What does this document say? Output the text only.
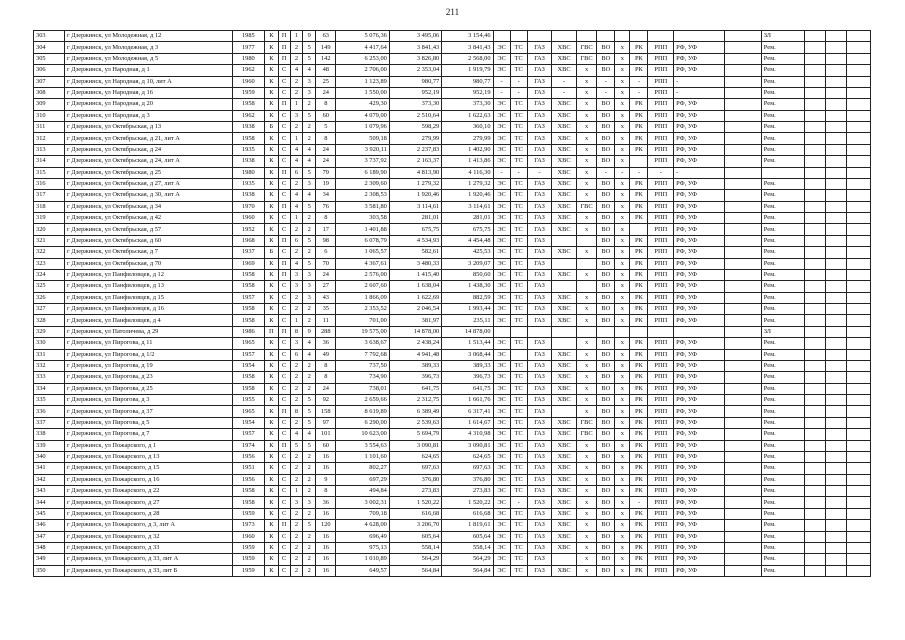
211
303	г Дзержинск, ул Молодежная, д 12	1985	К	П	1	9	63	5 076,36	3 495,06	3 154,46												ЗЛ			
304	г Дзержинск, ул Молодежная, д 3	1977	К	П	2	5	149	4 417,64	3 841,43	3 841,43	ЭС	ТС	ГАЗ	ХВС	ГВС	ВО	х	РК	РПП	РФ, УФ		Рем.			
305	г Дзержинск, ул Молодежная, д 5	1980	К	П	2	5	142	6 253,00	3 826,80	2 568,00	ЭС	ТС	ГАЗ	ХВС	ГВС	ВО	х	РК	РПП	РФ, УФ		Рем.			
306	г Дзержинск, ул Народная, д 1	1962	К	С	4	4	48	2 706,00	2 353,04	1 919,79	ЭС	ТС	ГАЗ	ХВС	х	ВО	х	РК	РПП	РФ, УФ		Рем.			
307	г Дзержинск, ул Народная, д 10, лит А	1960	К	С	2	3	25	1 123,89	980,77	980,77	-	-	ГАЗ	-	х	-	х	-	РПП	-		Рем.			
308	г Дзержинск, ул Народная, д 16	1959	К	С	2	3	24	1 550,00	952,19	952,19	-	-	ГАЗ	-	х	-	х	-	РПП	-		Рем.			
309	г Дзержинск, ул Народная, д 20	1958	К	П	1	2	8	429,30	373,30	373,30	ЭС	ТС	ГАЗ	ХВС	х	ВО	х	РК	РПП	РФ, УФ		Рем.			
310	г Дзержинск, ул Народная, д 3	1962	К	С	3	5	60	4 079,00	2 510,64	1 622,63	ЭС	ТС	ГАЗ	ХВС	х	ВО	х	РК	РПП	РФ, УФ		Рем.			
311	г Дзержинск, ул Октябрьская, д 13	1938	Б	С	2	2	5	1 079,96	598,29	360,10	ЭС	ТС	ГАЗ	ХВС	х	ВО	х	РК	РПП	РФ, УФ		Рем.			
312	г Дзержинск, ул Октябрьская, д 21, лит А	1958	К	С	1	2	8	509,18	279,99	279,99	ЭС	ТС	ГАЗ	ХВС	х	ВО	х	РК	РПП	РФ, УФ		Рем.			
313	г Дзержинск, ул Октябрьская, д 24	1935	К	С	4	4	24	3 920,11	2 237,83	1 402,90	ЭС	ТС	ГАЗ	ХВС	х	ВО	х	РК	РПП	РФ, УФ		Рем.			
314	г Дзержинск, ул Октябрьская, д 24, лит А	1938	К	С	4	4	24	3 737,92	2 163,37	1 413,86	ЭС	ТС	ГАЗ	ХВС	х	ВО	х		РПП	РФ, УФ		Рем.			
315	г Дзержинск, ул Октябрьская, д 25	1980	К	П	6	5	79	6 189,90	4 813,90	4 116,30	-	-	-	ХВС	х	-	-	-	-	-					
316	г Дзержинск, ул Октябрьская, д 27, лит А	1935	К	С	2	3	19	2 309,60	1 279,32	1 279,32	ЭС	ТС	ГАЗ	ХВС	х	ВО	х	РК	РПП	РФ, УФ		Рем.			
317	г Дзержинск, ул Октябрьская, д 30, лит А	1938	К	С	4	4	34	2 308,53	1 920,46	1 920,46	ЭС	ТС	ГАЗ	ХВС	х	ВО	х	РК	РПП	РФ, УФ		Рем.			
318	г Дзержинск, ул Октябрьская, д 34	1970	К	П	4	5	76	3 581,80	3 114,61	3 114,61	ЭС	ТС	ГАЗ	ХВС	ГВС	ВО	х	РК	РПП	РФ, УФ		Рем.			
319	г Дзержинск, ул Октябрьская, д 42	1960	К	С	1	2	8	303,58	281,01	281,01	ЭС	ТС	ГАЗ	ХВС	х	ВО	х	РК	РПП	РФ, УФ		Рем.			
320	г Дзержинск, ул Октябрьская, д 57	1952	К	С	2	2	17	1 401,88	675,75	675,75	ЭС	ТС	ГАЗ	ХВС	х	ВО	х		РПП	РФ, УФ		Рем.			
321	г Дзержинск, ул Октябрьская, д 60	1968	К	П	6	5	98	6 078,79	4 534,93	4 454,48	ЭС	ТС	ГАЗ			ВО	х	РК	РПП	РФ, УФ		Рем.			
322	г Дзержинск, ул Октябрьская, д 7	1937	Б	С	2	2	6	1 065,57	582,61	425,53	ЭС	ТС	ГАЗ	ХВС	х	ВО	х	РК	РПП	РФ, УФ		Рем.			
323	г Дзержинск, ул Октябрьская, д 70	1969	К	П	4	5	70	4 367,61	3 480,33	3 209,07	ЭС	ТС	ГАЗ			ВО	х	РК	РПП	РФ, УФ		Рем.			
324	г Дзержинск, ул Панфиловцев, д 12	1958	К	П	3	3	24	2 576,00	1 415,40	850,60	ЭС	ТС	ГАЗ	ХВС	х	ВО	х	РК	РПП	РФ, УФ		Рем.			
325	г Дзержинск, ул Панфиловцев, д 13	1958	К	С	3	3	27	2 607,60	1 638,04	1 438,30	ЭС	ТС	ГАЗ			ВО	х	РК	РПП	РФ, УФ		Рем.			
326	г Дзержинск, ул Панфиловцев, д 15	1957	К	С	2	3	43	1 866,09	1 622,69	882,59	ЭС	ТС	ГАЗ	ХВС	х	ВО	х	РК	РПП	РФ, УФ		Рем.			
327	г Дзержинск, ул Панфиловцев, д 16	1958	К	С	2	2	35	2 353,52	2 046,54	1 993,44	ЭС	ТС	ГАЗ	ХВС	х	ВО	х	РК	РПП	РФ, УФ		Рем.			
328	г Дзержинск, ул Панфиловцев, д 4	1958	К	С	1	2	11	701,00	381,97	235,11	ЭС	ТС	ГАЗ	ХВС	х	ВО	х	РК	РПП	РФ, УФ		Рем.			
329	г Дзержинск, ул Патоличева, д 29	1986	П	П	8	9	288	19 575,00	14 878,00	14 878,00												ЗЛ			
330	г Дзержинск, ул Пирогова, д 11	1965	К	С	3	4	36	3 638,67	2 438,24	1 513,44	ЭС	ТС	ГАЗ		х	ВО	х	РК	РПП	РФ, УФ		Рем.			
331	г Дзержинск, ул Пирогова, д 1/2	1957	К	С	6	4	49	7 792,68	4 941,48	3 068,44	ЭС		ГАЗ	ХВС	х	ВО	х	РК	РПП	РФ, УФ		Рем.			
332	г Дзержинск, ул Пирогова, д 19	1954	К	С	2	2	8	737,50	389,33	389,33	ЭС	ТС	ГАЗ	ХВС	х	ВО	х	РК	РПП	РФ, УФ		Рем.			
333	г Дзержинск, ул Пирогова, д 23	1958	К	С	2	2	8	734,90	396,73	396,73	ЭС	ТС	ГАЗ	ХВС	х	ВО	х	РК	РПП	РФ, УФ		Рем.			
334	г Дзержинск, ул Пирогова, д 25	1958	К	С	2	2	24	738,01	641,75	641,75	ЭС	ТС	ГАЗ	ХВС	х	ВО	х	РК	РПП	РФ, УФ		Рем.			
335	г Дзержинск, ул Пирогова, д 3	1955	К	С	2	5	92	2 659,66	2 312,75	1 661,76	ЭС	ТС	ГАЗ	ХВС	х	ВО	х	РК	РПП	РФ, УФ		Рем.			
336	г Дзержинск, ул Пирогова, д 37	1965	К	П	8	5	158	8 619,89	6 389,49	6 317,41	ЭС	ТС	ГАЗ		х	ВО	х	РК	РПП	РФ, УФ		Рем.			
337	г Дзержинск, ул Пирогова, д 5	1954	К	С	2	5	97	6 290,00	2 539,63	1 614,67	ЭС	ТС	ГАЗ	ХВС	ГВС	ВО	х	РК	РПП	РФ, УФ		Рем.			
338	г Дзержинск, ул Пирогова, д 7	1957	К	С	4	4	101	10 623,00	5 694,79	4 310,98	ЭС	ТС	ГАЗ	ХВС	ГВС	ВО	х	РК	РПП	РФ, УФ		Рем.			
339	г Дзержинск, ул Пожарского, д 1	1974	К	П	5	5	60	3 554,63	3 090,81	3 090,81	ЭС	ТС	ГАЗ	ХВС	х	ВО	х	РК	РПП	РФ, УФ		Рем.			
340	г Дзержинск, ул Пожарского, д 13	1956	К	С	2	2	16	1 101,60	624,65	624,65	ЭС	ТС	ГАЗ	ХВС	х	ВО	х	РК	РПП	РФ, УФ		Рем.			
341	г Дзержинск, ул Пожарского, д 15	1951	К	С	2	2	16	802,27	697,63	697,63	ЭС	ТС	ГАЗ	ХВС	х	ВО	х	РК	РПП	РФ, УФ		Рем.			
342	г Дзержинск, ул Пожарского, д 16	1956	К	С	2	2	9	697,29	376,80	376,80	ЭС	ТС	ГАЗ	ХВС	х	ВО	х	РК	РПП	РФ, УФ		Рем.			
343	г Дзержинск, ул Пожарского, д 22	1958	К	С	1	2	8	494,84	273,83	273,83	ЭС	ТС	ГАЗ	ХВС	х	ВО	х	РК	РПП	РФ, УФ		Рем.			
344	г Дзержинск, ул Пожарского, д 27	1958	К	С	3	3	36	3 002,31	1 520,22	1 520,22	ЭС	-	ГАЗ	ХВС	х	ВО	х	-	РПП	РФ, УФ		Рем.			
345	г Дзержинск, ул Пожарского, д 28	1959	К	С	2	2	16	709,18	616,68	616,68	ЭС	ТС	ГАЗ	ХВС	х	ВО	х	РК	РПП	РФ, УФ		Рем.			
346	г Дзержинск, ул Пожарского, д 3, лит А	1973	К	П	2	5	120	4 628,00	3 206,70	1 819,61	ЭС	ТС	ГАЗ	ХВС	х	ВО	х	РК	РПП	РФ, УФ		Рем.			
347	г Дзержинск, ул Пожарского, д 32	1960	К	С	2	2	16	696,49	605,64	605,64	ЭС	ТС	ГАЗ	ХВС	х	ВО	х	РК	РПП	РФ, УФ		Рем.			
348	г Дзержинск, ул Пожарского, д 33	1959	К	С	2	2	16	975,13	558,14	558,14	ЭС	ТС	ГАЗ	ХВС	х	ВО	х	РК	РПП	РФ, УФ		Рем.			
349	г Дзержинск, ул Пожарского, д 33, лит А	1959	К	С	2	2	16	1 010,89	564,29	564,29	ЭС	ТС	ГАЗ		х	ВО	х	РК	РПП	РФ, УФ		Рем.			
350	г Дзержинск, ул Пожарского, д 33, лит Б	1959	К	С	2	2	16	649,57	564,84	564,84	ЭС	ТС	ГАЗ	ХВС	х	ВО	х	РК	РПП	РФ, УФ		Рем.			
